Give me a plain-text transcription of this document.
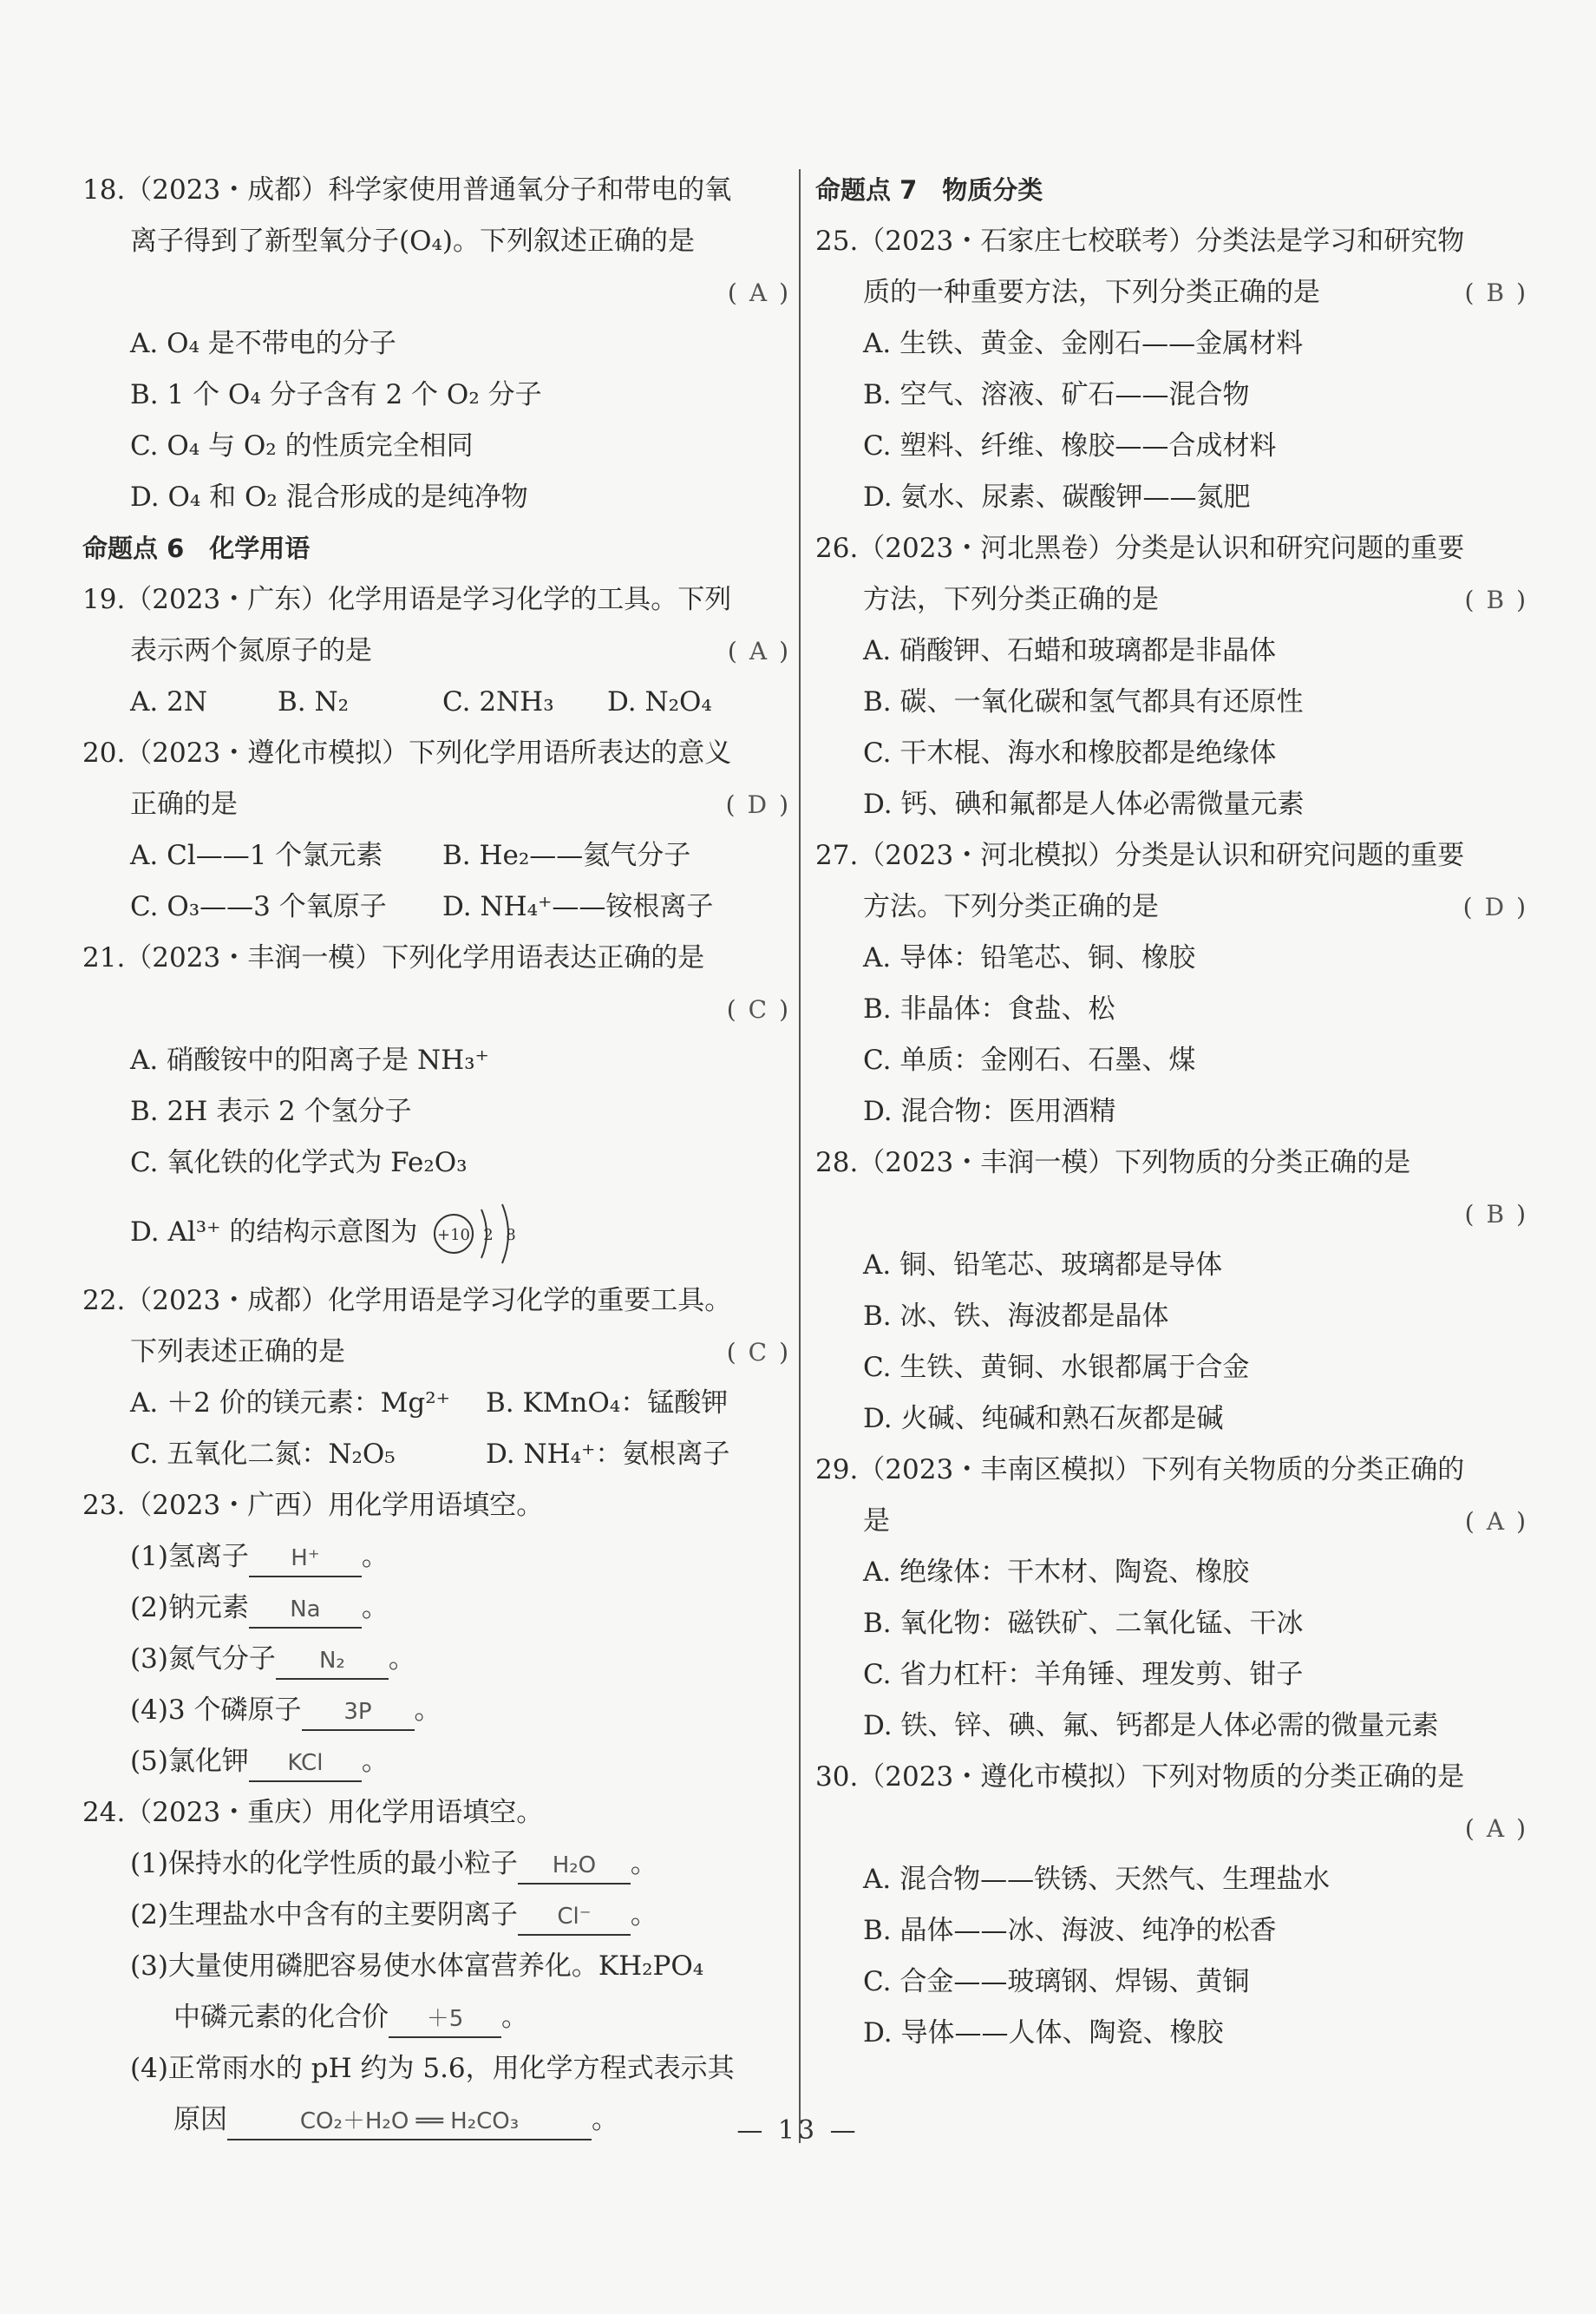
18.（2023・成都）科学家使用普通氧分子和带电的氧
离子得到了新型氧分子(O₄)。下列叙述正确的是
( A )
A. O₄ 是不带电的分子
B. 1 个 O₄ 分子含有 2 个 O₂ 分子
C. O₄ 与 O₂ 的性质完全相同
D. O₄ 和 O₂ 混合形成的是纯净物
命题点 6　化学用语
19.（2023・广东）化学用语是学习化学的工具。下列
表示两个氮原子的是	( A )
A. 2N	B. N₂	C. 2NH₃ D. N₂O₄
20.（2023・遵化市模拟）下列化学用语所表达的意义
正确的是	( D )
A. Cl——1 个氯元素 B. He₂——氦气分子
C. O₃——3 个氧原子 D. NH₄⁺——铵根离子
21.（2023・丰润一模）下列化学用语表达正确的是
( C )
A. 硝酸铵中的阳离子是 NH₃⁺
B. 2H 表示 2 个氢分子
C. 氧化铁的化学式为 Fe₂O₃
D. Al³⁺ 的结构示意图为 +10 2 8
22.（2023・成都）化学用语是学习化学的重要工具。
下列表述正确的是	( C )
A. ＋2 价的镁元素：Mg²⁺ B. KMnO₄：锰酸钾
C. 五氧化二氮：N₂O₅	D. NH₄⁺：氨根离子
23.（2023・广西）用化学用语填空。
(1)氢离子 H⁺ 。
(2)钠元素 Na 。
(3)氮气分子 N₂ 。
(4)3 个磷原子 3P 。
(5)氯化钾 KCl 。
24.（2023・重庆）用化学用语填空。
(1)保持水的化学性质的最小粒子 H₂O 。
(2)生理盐水中含有的主要阴离子 Cl⁻ 。
(3)大量使用磷肥容易使水体富营养化。KH₂PO₄
中磷元素的化合价 ＋5 。
(4)正常雨水的 pH 约为 5.6，用化学方程式表示其
原因	CO₂＋H₂O ══ H₂CO₃	。
命题点 7　物质分类
25.（2023・石家庄七校联考）分类法是学习和研究物
质的一种重要方法，下列分类正确的是	( B )
A. 生铁、黄金、金刚石——金属材料
B. 空气、溶液、矿石——混合物
C. 塑料、纤维、橡胶——合成材料
D. 氨水、尿素、碳酸钾——氮肥
26.（2023・河北黑卷）分类是认识和研究问题的重要
方法，下列分类正确的是	( B )
A. 硝酸钾、石蜡和玻璃都是非晶体
B. 碳、一氧化碳和氢气都具有还原性
C. 干木棍、海水和橡胶都是绝缘体
D. 钙、碘和氟都是人体必需微量元素
27.（2023・河北模拟）分类是认识和研究问题的重要
方法。下列分类正确的是	( D )
A. 导体：铅笔芯、铜、橡胶
B. 非晶体：食盐、松
C. 单质：金刚石、石墨、煤
D. 混合物：医用酒精
28.（2023・丰润一模）下列物质的分类正确的是
( B )
A. 铜、铅笔芯、玻璃都是导体
B. 冰、铁、海波都是晶体
C. 生铁、黄铜、水银都属于合金
D. 火碱、纯碱和熟石灰都是碱
29.（2023・丰南区模拟）下列有关物质的分类正确的
是	( A )
A. 绝缘体：干木材、陶瓷、橡胶
B. 氧化物：磁铁矿、二氧化锰、干冰
C. 省力杠杆：羊角锤、理发剪、钳子
D. 铁、锌、碘、氟、钙都是人体必需的微量元素
30.（2023・遵化市模拟）下列对物质的分类正确的是
( A )
A. 混合物——铁锈、天然气、生理盐水
B. 晶体——冰、海波、纯净的松香
C. 合金——玻璃钢、焊锡、黄铜
D. 导体——人体、陶瓷、橡胶
— 13 —
